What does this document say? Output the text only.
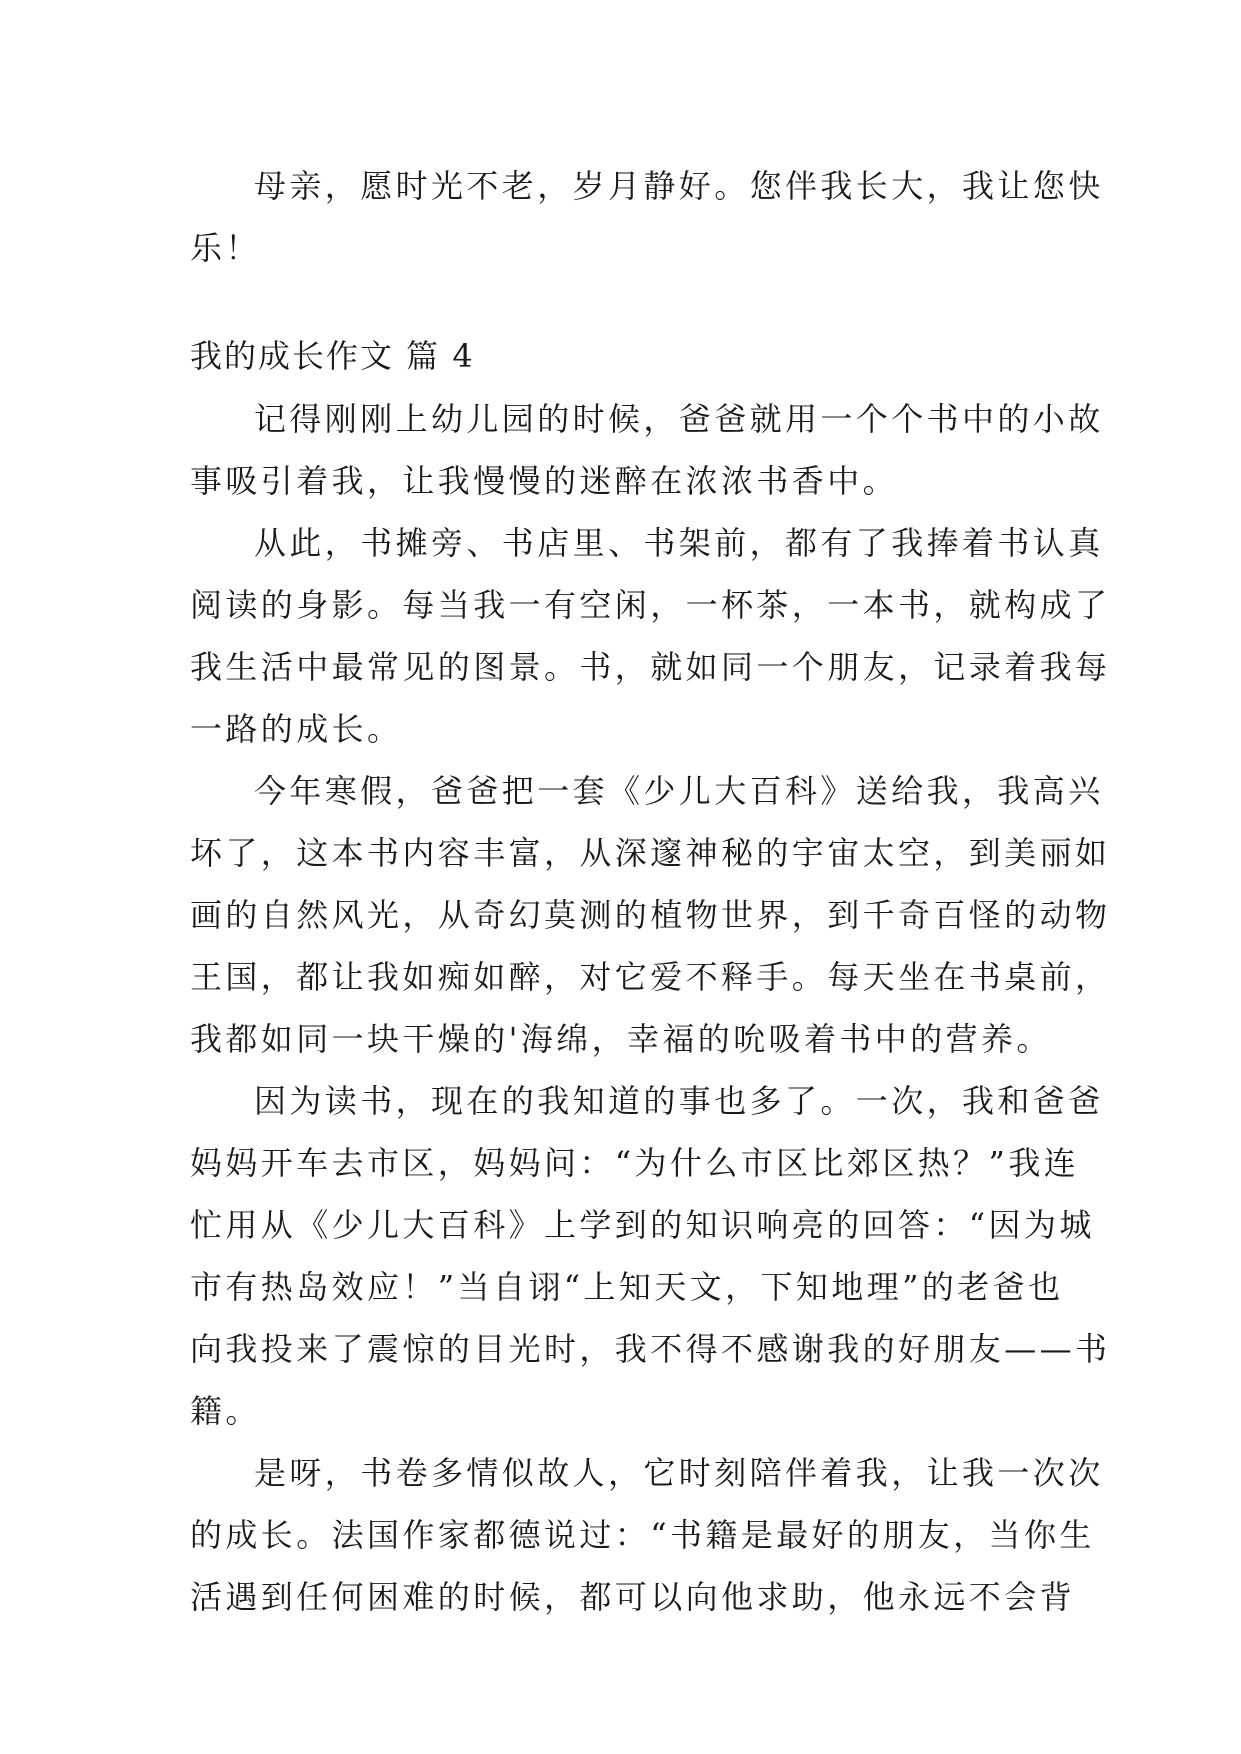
母亲，愿时光不老，岁月静好。您伴我长大，我让您快

乐！

我的成长作文 篇 4

记得刚刚上幼儿园的时候，爸爸就用一个个书中的小故

事吸引着我，让我慢慢的迷醉在浓浓书香中。

从此，书摊旁、书店里、书架前，都有了我捧着书认真

阅读的身影。每当我一有空闲，一杯茶，一本书，就构成了

我生活中最常见的图景。书，就如同一个朋友，记录着我每

一路的成长。

今年寒假，爸爸把一套《少儿大百科》送给我，我高兴

坏了，这本书内容丰富，从深邃神秘的宇宙太空，到美丽如

画的自然风光，从奇幻莫测的植物世界，到千奇百怪的动物

王国，都让我如痴如醉，对它爱不释手。每天坐在书桌前，

我都如同一块干燥的'海绵，幸福的吮吸着书中的营养。

因为读书，现在的我知道的事也多了。一次，我和爸爸

妈妈开车去市区，妈妈问：“为什么市区比郊区热？”我连

忙用从《少儿大百科》上学到的知识响亮的回答：“因为城

市有热岛效应！”当自诩“上知天文，下知地理”的老爸也

向我投来了震惊的目光时，我不得不感谢我的好朋友——书

籍。

是呀，书卷多情似故人，它时刻陪伴着我，让我一次次

的成长。法国作家都德说过：“书籍是最好的朋友，当你生

活遇到任何困难的时候，都可以向他求助，他永远不会背
